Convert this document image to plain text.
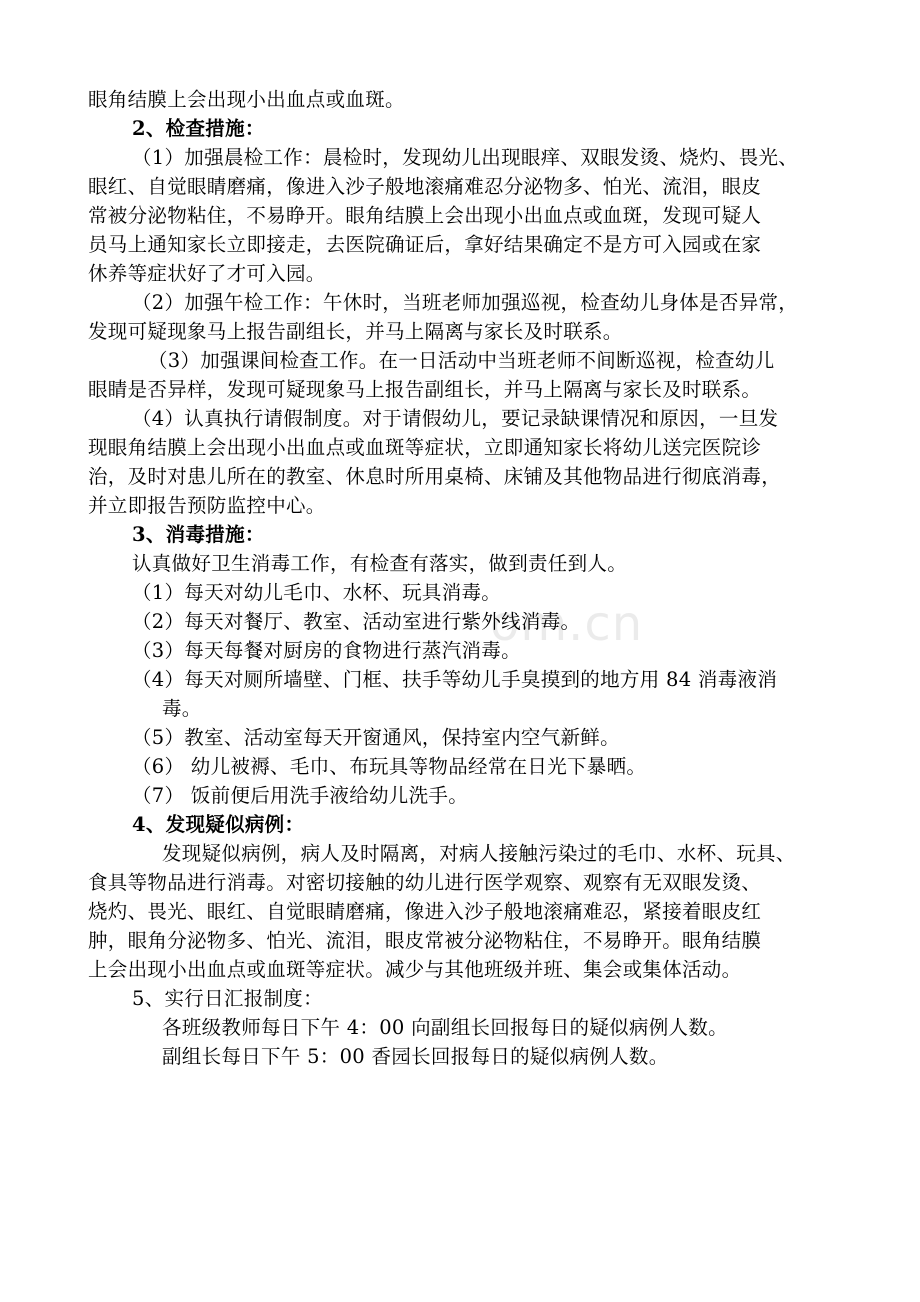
眼角结膜上会出现小出血点或血斑。
2、检查措施：
（1）加强晨检工作：晨检时，发现幼儿出现眼痒、双眼发烫、烧灼、畏光、
眼红、自觉眼睛磨痛，像进入沙子般地滚痛难忍分泌物多、怕光、流泪，眼皮
常被分泌物粘住，不易睁开。眼角结膜上会出现小出血点或血斑，发现可疑人
员马上通知家长立即接走，去医院确证后，拿好结果确定不是方可入园或在家
休养等症状好了才可入园。
（2）加强午检工作：午休时，当班老师加强巡视，检查幼儿身体是否异常，
发现可疑现象马上报告副组长，并马上隔离与家长及时联系。
（3）加强课间检查工作。在一日活动中当班老师不间断巡视，检查幼儿
眼睛是否异样，发现可疑现象马上报告副组长，并马上隔离与家长及时联系。
（4）认真执行请假制度。对于请假幼儿，要记录缺课情况和原因，一旦发
现眼角结膜上会出现小出血点或血斑等症状，立即通知家长将幼儿送完医院诊
治，及时对患儿所在的教室、休息时所用桌椅、床铺及其他物品进行彻底消毒，
并立即报告预防监控中心。
3、消毒措施：
认真做好卫生消毒工作，有检查有落实，做到责任到人。
（1）每天对幼儿毛巾、水杯、玩具消毒。
（2）每天对餐厅、教室、活动室进行紫外线消毒。
（3）每天每餐对厨房的食物进行蒸汽消毒。
（4）每天对厕所墙壁、门框、扶手等幼儿手臭摸到的地方用 84 消毒液消
毒。
（5）教室、活动室每天开窗通风，保持室内空气新鲜。
（6） 幼儿被褥、毛巾、布玩具等物品经常在日光下暴晒。
（7） 饭前便后用洗手液给幼儿洗手。
4、发现疑似病例：
发现疑似病例，病人及时隔离，对病人接触污染过的毛巾、水杯、玩具、
食具等物品进行消毒。对密切接触的幼儿进行医学观察、观察有无双眼发烫、
烧灼、畏光、眼红、自觉眼睛磨痛，像进入沙子般地滚痛难忍，紧接着眼皮红
肿，眼角分泌物多、怕光、流泪，眼皮常被分泌物粘住，不易睁开。眼角结膜
上会出现小出血点或血斑等症状。减少与其他班级并班、集会或集体活动。
5、实行日汇报制度：
各班级教师每日下午 4：00 向副组长回报每日的疑似病例人数。
副组长每日下午 5：00 香园长回报每日的疑似病例人数。
om.cn
